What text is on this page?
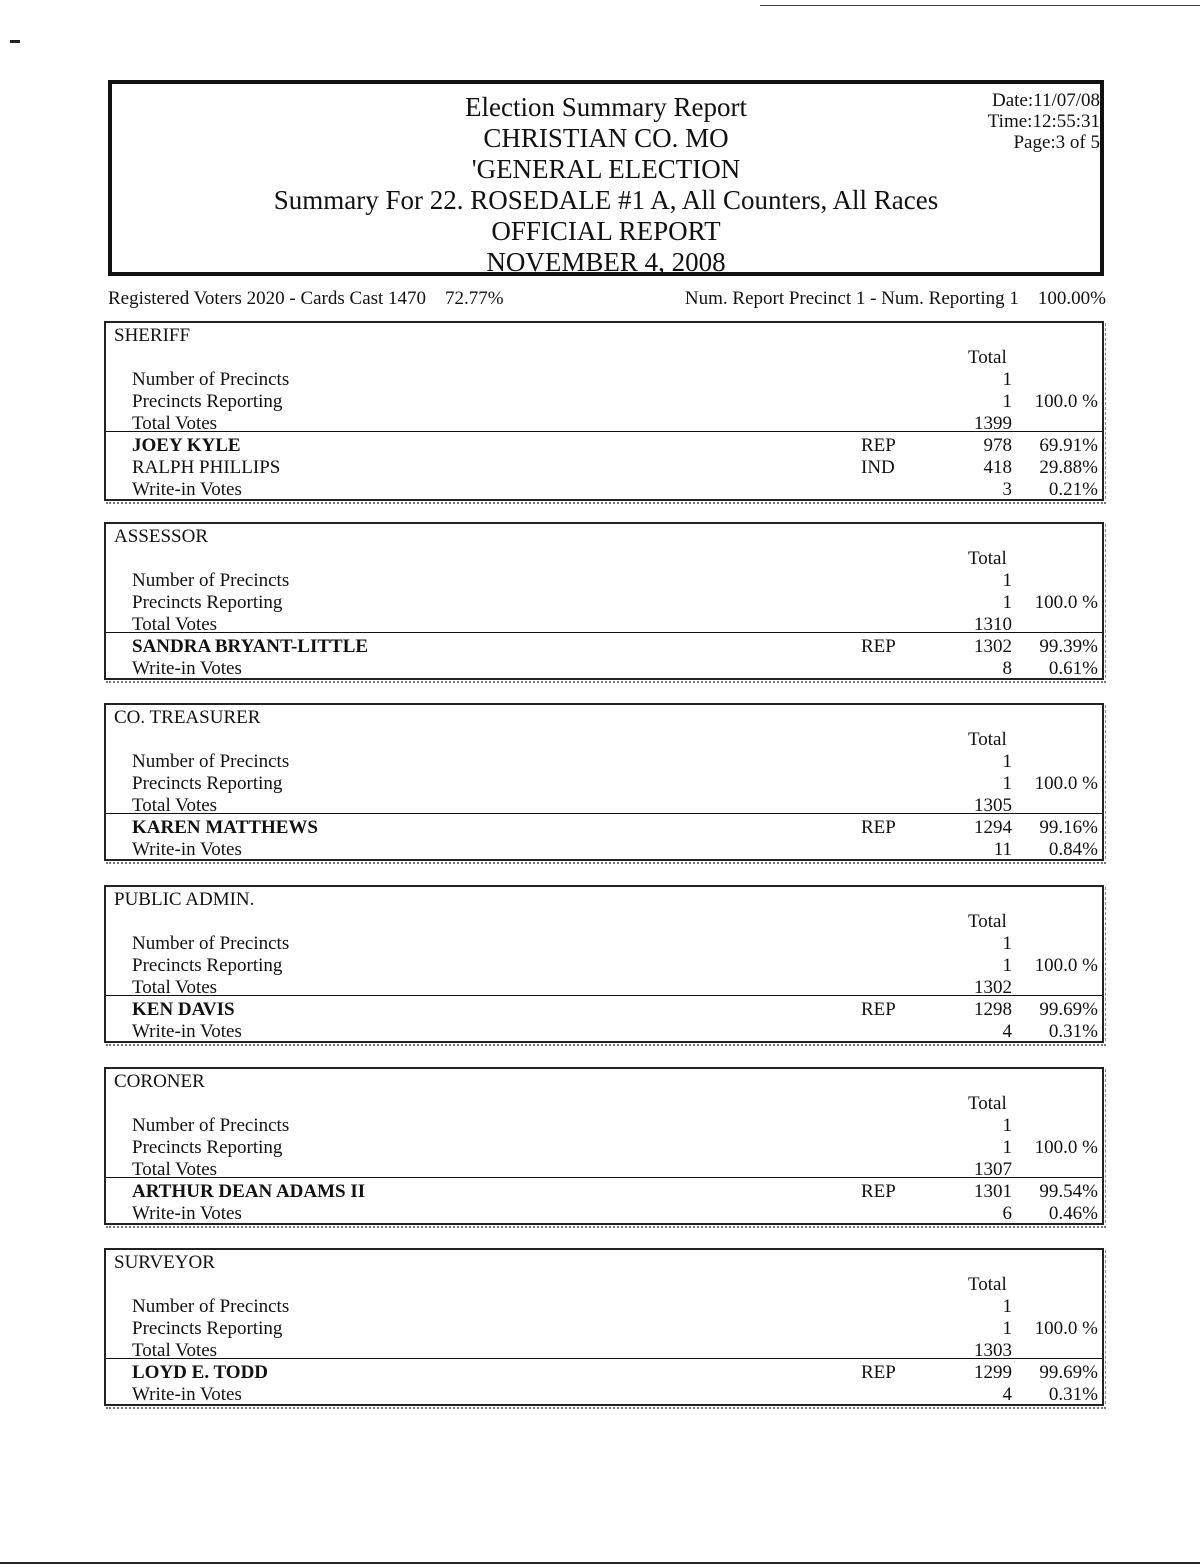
Election Summary Report
CHRISTIAN CO. MO
'GENERAL ELECTION
Summary For 22. ROSEDALE #1 A, All Counters, All Races
OFFICIAL REPORT
NOVEMBER 4, 2008
Date:11/07/08
Time:12:55:31
Page:3 of 5
Registered Voters 2020 - Cards Cast 1470    72.77%	Num. Report Precinct 1 - Num. Reporting 1    100.00%
SHERIFF
Total
Number of Precincts	1
Precincts Reporting	1 100.0 %
Total Votes	1399
JOEY KYLE	REP	978 69.91%
RALPH PHILLIPS	IND	418 29.88%
Write-in Votes	3 0.21%
ASSESSOR
Total
Number of Precincts	1
Precincts Reporting	1 100.0 %
Total Votes	1310
SANDRA BRYANT-LITTLE	REP	1302 99.39%
Write-in Votes	8 0.61%
CO. TREASURER
Total
Number of Precincts	1
Precincts Reporting	1 100.0 %
Total Votes	1305
KAREN MATTHEWS	REP	1294 99.16%
Write-in Votes	11 0.84%
PUBLIC ADMIN.
Total
Number of Precincts	1
Precincts Reporting	1 100.0 %
Total Votes	1302
KEN DAVIS	REP	1298 99.69%
Write-in Votes	4 0.31%
CORONER
Total
Number of Precincts	1
Precincts Reporting	1 100.0 %
Total Votes	1307
ARTHUR DEAN ADAMS II	REP	1301 99.54%
Write-in Votes	6 0.46%
SURVEYOR
Total
Number of Precincts	1
Precincts Reporting	1 100.0 %
Total Votes	1303
LOYD E. TODD	REP	1299 99.69%
Write-in Votes	4 0.31%
